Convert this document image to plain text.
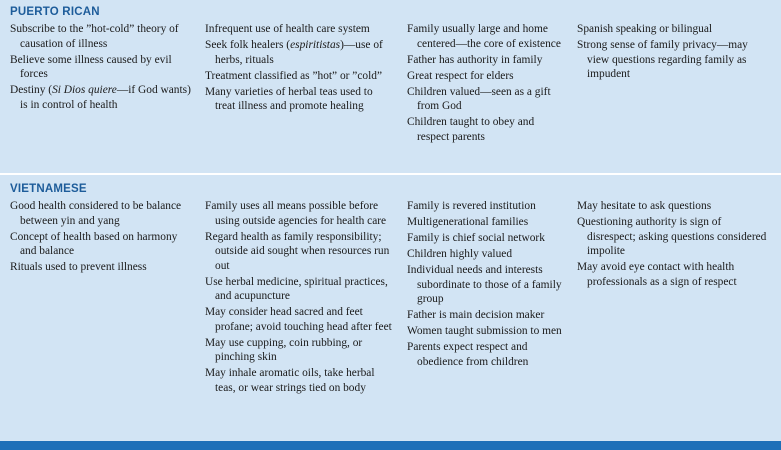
PUERTO RICAN
Subscribe to the ”hot-cold” theory of causation of illness
Believe some illness caused by evil forces
Destiny (Si Dios quiere—if God wants) is in control of health
Infrequent use of health care system
Seek folk healers (espiritistas)—use of herbs, rituals
Treatment classified as ”hot” or ”cold”
Many varieties of herbal teas used to treat illness and promote healing
Family usually large and home centered—the core of existence
Father has authority in family
Great respect for elders
Children valued—seen as a gift from God
Children taught to obey and respect parents
Spanish speaking or bilingual
Strong sense of family privacy—may view questions regarding family as impudent
VIETNAMESE
Good health considered to be balance between yin and yang
Concept of health based on harmony and balance
Rituals used to prevent illness
Family uses all means possible before using outside agencies for health care
Regard health as family responsibility; outside aid sought when resources run out
Use herbal medicine, spiritual practices, and acupuncture
May consider head sacred and feet profane; avoid touching head after feet
May use cupping, coin rubbing, or pinching skin
May inhale aromatic oils, take herbal teas, or wear strings tied on body
Family is revered institution
Multigenerational families
Family is chief social network
Children highly valued
Individual needs and interests subordinate to those of a family group
Father is main decision maker
Women taught submission to men
Parents expect respect and obedience from children
May hesitate to ask questions
Questioning authority is sign of disrespect; asking questions considered impolite
May avoid eye contact with health professionals as a sign of respect
